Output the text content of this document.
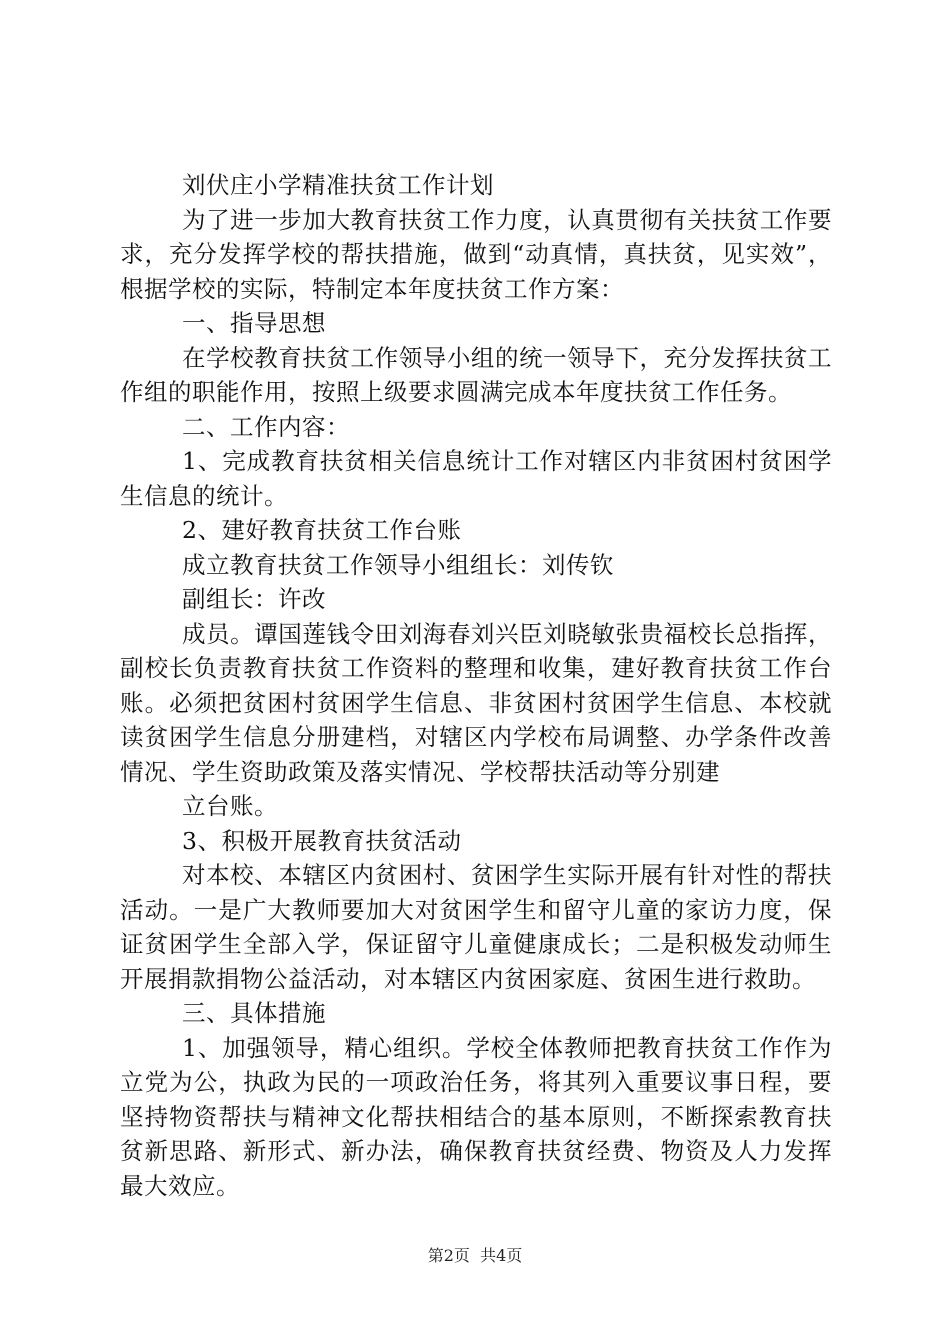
刘伏庄小学精准扶贫工作计划

为了进一步加大教育扶贫工作力度，认真贯彻有关扶贫工作要求，充分发挥学校的帮扶措施，做到“动真情，真扶贫，见实效”，根据学校的实际，特制定本年度扶贫工作方案：

一、指导思想

在学校教育扶贫工作领导小组的统一领导下，充分发挥扶贫工作组的职能作用，按照上级要求圆满完成本年度扶贫工作任务。

二、工作内容：

1、完成教育扶贫相关信息统计工作对辖区内非贫困村贫困学生信息的统计。

2、建好教育扶贫工作台账

成立教育扶贫工作领导小组组长：刘传钦

副组长：许改

成员。谭国莲钱令田刘海春刘兴臣刘晓敏张贵福校长总指挥，副校长负责教育扶贫工作资料的整理和收集，建好教育扶贫工作台账。必须把贫困村贫困学生信息、非贫困村贫困学生信息、本校就读贫困学生信息分册建档，对辖区内学校布局调整、办学条件改善情况、学生资助政策及落实情况、学校帮扶活动等分别建

立台账。

3、积极开展教育扶贫活动

对本校、本辖区内贫困村、贫困学生实际开展有针对性的帮扶活动。一是广大教师要加大对贫困学生和留守儿童的家访力度，保证贫困学生全部入学，保证留守儿童健康成长；二是积极发动师生开展捐款捐物公益活动，对本辖区内贫困家庭、贫困生进行救助。

三、具体措施

1、加强领导，精心组织。学校全体教师把教育扶贫工作作为立党为公，执政为民的一项政治任务，将其列入重要议事日程，要坚持物资帮扶与精神文化帮扶相结合的基本原则，不断探索教育扶贫新思路、新形式、新办法，确保教育扶贫经费、物资及人力发挥最大效应。

第2页  共4页
